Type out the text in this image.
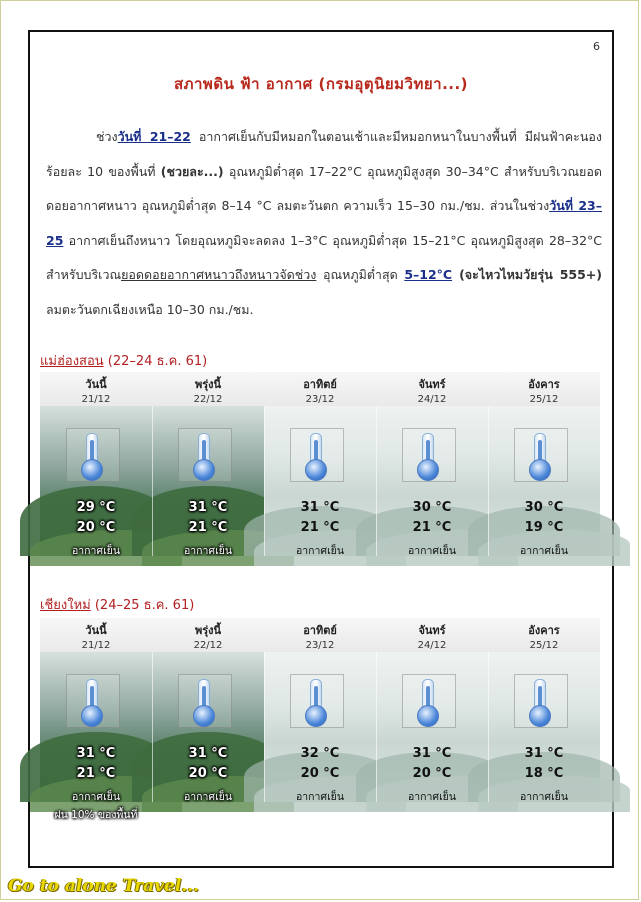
6
สภาพดิน ฟ้า อากาศ (กรมอุตุนิยมวิทยา...)

ช่วงวันที่ 21–22 อากาศเย็นกับมีหมอกในตอนเช้าและมีหมอกหนาในบางพื้นที่ มีฝนฟ้าคะนองร้อยละ 10 ของพื้นที่ (ชวยละ...) อุณหภูมิต่ำสุด 17–22°C อุณหภูมิสูงสุด 30–34°C สำหรับบริเวณยอดดอยอากาศหนาว อุณหภูมิต่ำสุด 8–14 °C ลมตะวันตก ความเร็ว 15–30 กม./ชม. ส่วนในช่วงวันที่ 23–25 อากาศเย็นถึงหนาว โดยอุณหภูมิจะลดลง 1–3°C อุณหภูมิต่ำสุด 15–21°C อุณหภูมิสูงสุด 28–32°C สำหรับบริเวณยอดดอยอากาศหนาวถึงหนาวจัดช่วง อุณหภูมิต่ำสุด 5–12°C (จะไหวไหมวัยรุ่น 555+) ลมตะวันตกเฉียงเหนือ 10–30 กม./ชม.

แม่ฮ่องสอน (22–24 ธ.ค. 61)
วันนี้
21/12
29 °C
20 °C
อากาศเย็น
พรุ่งนี้
22/12
31 °C
21 °C
อากาศเย็น
อาทิตย์
23/12
31 °C
21 °C
อากาศเย็น
จันทร์
24/12
30 °C
21 °C
อากาศเย็น
อังคาร
25/12
30 °C
19 °C
อากาศเย็น
เชียงใหม่ (24–25 ธ.ค. 61)
วันนี้
21/12
31 °C
21 °C
อากาศเย็น
ฝน 10% ของพื้นที่
พรุ่งนี้
22/12
31 °C
20 °C
อากาศเย็น
อาทิตย์
23/12
32 °C
20 °C
อากาศเย็น
จันทร์
24/12
31 °C
20 °C
อากาศเย็น
อังคาร
25/12
31 °C
18 °C
อากาศเย็น
Go to alone Travel...
